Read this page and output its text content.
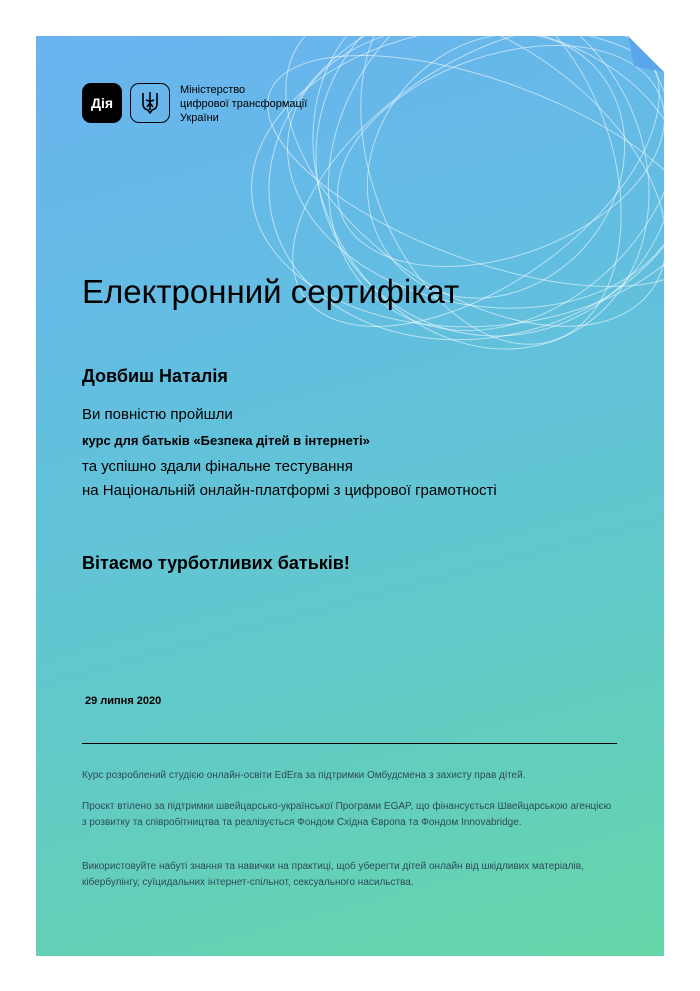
Дія
Міністерство
цифрової трансформації
України
Електронний сертифікат
Довбиш Наталія
Ви повністю пройшли
курс для батьків «Безпека дітей в інтернеті»
та успішно здали фінальне тестування
на Національній онлайн-платформі з цифрової грамотності
Вітаємо турботливих батьків!
29 липня 2020
Курс розроблений студією онлайн-освіти EdEra за підтримки Омбудсмена з захисту прав дітей.
Проєкт втілено за підтримки швейцарсько-української Програми EGAP, що фінансується Швейцарською агенцією з розвитку та співробітництва та реалізується Фондом Східна Європа та Фондом Innovabridge.
Використовуйте набуті знання та навички на практиці, щоб уберегти дітей онлайн від шкідливих матеріалів, кібербулінгу, суїцидальних інтернет-спільнот, сексуального насильства.
